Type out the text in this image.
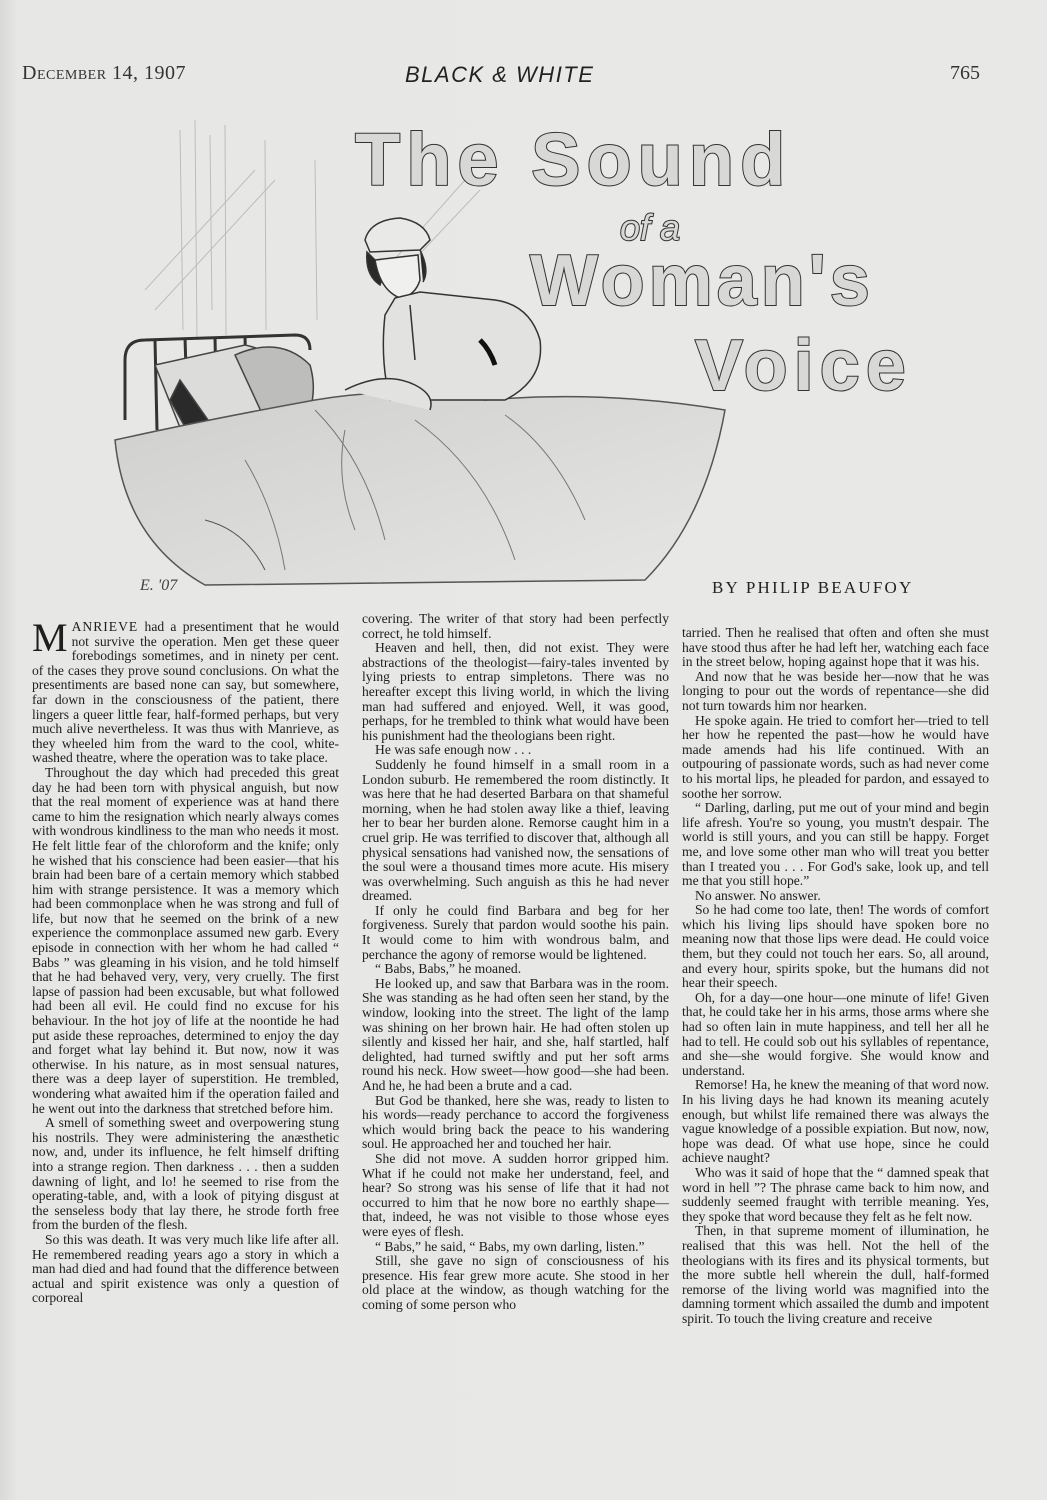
December 14, 1907	BLACK & WHITE	765
E. '07
The Sound
of a
Woman's
Voice
BY PHILIP BEAUFOY

MANRIEVE had a presentiment that he would not survive the operation. Men get these queer forebodings sometimes, and in ninety per cent. of the cases they prove sound conclusions. On what the presentiments are based none can say, but somewhere, far down in the consciousness of the patient, there lingers a queer little fear, half-formed perhaps, but very much alive nevertheless. It was thus with Manrieve, as they wheeled him from the ward to the cool, white-washed theatre, where the operation was to take place.

Throughout the day which had preceded this great day he had been torn with physical anguish, but now that the real moment of experience was at hand there came to him the resignation which nearly always comes with wondrous kindliness to the man who needs it most. He felt little fear of the chloroform and the knife; only he wished that his conscience had been easier—that his brain had been bare of a certain memory which stabbed him with strange persistence. It was a memory which had been commonplace when he was strong and full of life, but now that he seemed on the brink of a new experience the commonplace assumed new garb. Every episode in connection with her whom he had called “ Babs ” was gleaming in his vision, and he told himself that he had behaved very, very, very cruelly. The first lapse of passion had been excusable, but what followed had been all evil. He could find no excuse for his behaviour. In the hot joy of life at the noontide he had put aside these reproaches, determined to enjoy the day and forget what lay behind it. But now, now it was otherwise. In his nature, as in most sensual natures, there was a deep layer of superstition. He trembled, wondering what awaited him if the operation failed and he went out into the darkness that stretched before him.

A smell of something sweet and overpowering stung his nostrils. They were administering the anæsthetic now, and, under its influence, he felt himself drifting into a strange region. Then darkness . . . then a sudden dawning of light, and lo! he seemed to rise from the operating-table, and, with a look of pitying disgust at the senseless body that lay there, he strode forth free from the burden of the flesh.

So this was death. It was very much like life after all. He remembered reading years ago a story in which a man had died and had found that the difference between actual and spirit existence was only a question of corporeal

covering. The writer of that story had been perfectly correct, he told himself.

Heaven and hell, then, did not exist. They were abstractions of the theologist—fairy-tales invented by lying priests to entrap simpletons. There was no hereafter except this living world, in which the living man had suffered and enjoyed. Well, it was good, perhaps, for he trembled to think what would have been his punishment had the theologians been right.

He was safe enough now . . .

Suddenly he found himself in a small room in a London suburb. He remembered the room distinctly. It was here that he had deserted Barbara on that shameful morning, when he had stolen away like a thief, leaving her to bear her burden alone. Remorse caught him in a cruel grip. He was terrified to discover that, although all physical sensations had vanished now, the sensations of the soul were a thousand times more acute. His misery was overwhelming. Such anguish as this he had never dreamed.

If only he could find Barbara and beg for her forgiveness. Surely that pardon would soothe his pain. It would come to him with wondrous balm, and perchance the agony of remorse would be lightened.

“ Babs, Babs,” he moaned.

He looked up, and saw that Barbara was in the room. She was standing as he had often seen her stand, by the window, looking into the street. The light of the lamp was shining on her brown hair. He had often stolen up silently and kissed her hair, and she, half startled, half delighted, had turned swiftly and put her soft arms round his neck. How sweet—how good—she had been. And he, he had been a brute and a cad.

But God be thanked, here she was, ready to listen to his words—ready perchance to accord the forgiveness which would bring back the peace to his wandering soul. He approached her and touched her hair.

She did not move. A sudden horror gripped him. What if he could not make her understand, feel, and hear? So strong was his sense of life that it had not occurred to him that he now bore no earthly shape—that, indeed, he was not visible to those whose eyes were eyes of flesh.

“ Babs,” he said, “ Babs, my own darling, listen.”

Still, she gave no sign of consciousness of his presence. His fear grew more acute. She stood in her old place at the window, as though watching for the coming of some person who

tarried. Then he realised that often and often she must have stood thus after he had left her, watching each face in the street below, hoping against hope that it was his.

And now that he was beside her—now that he was longing to pour out the words of repentance—she did not turn towards him nor hearken.

He spoke again. He tried to comfort her—tried to tell her how he repented the past—how he would have made amends had his life continued. With an outpouring of passionate words, such as had never come to his mortal lips, he pleaded for pardon, and essayed to soothe her sorrow.

“ Darling, darling, put me out of your mind and begin life afresh. You're so young, you mustn't despair. The world is still yours, and you can still be happy. Forget me, and love some other man who will treat you better than I treated you . . . For God's sake, look up, and tell me that you still hope.”

No answer. No answer.

So he had come too late, then! The words of comfort which his living lips should have spoken bore no meaning now that those lips were dead. He could voice them, but they could not touch her ears. So, all around, and every hour, spirits spoke, but the humans did not hear their speech.

Oh, for a day—one hour—one minute of life! Given that, he could take her in his arms, those arms where she had so often lain in mute happiness, and tell her all he had to tell. He could sob out his syllables of repentance, and she—she would forgive. She would know and understand.

Remorse! Ha, he knew the meaning of that word now. In his living days he had known its meaning acutely enough, but whilst life remained there was always the vague knowledge of a possible expiation. But now, now, hope was dead. Of what use hope, since he could achieve naught?

Who was it said of hope that the “ damned speak that word in hell ”? The phrase came back to him now, and suddenly seemed fraught with terrible meaning. Yes, they spoke that word because they felt as he felt now.

Then, in that supreme moment of illumination, he realised that this was hell. Not the hell of the theologians with its fires and its physical torments, but the more subtle hell wherein the dull, half-formed remorse of the living world was magnified into the damning torment which assailed the dumb and impotent spirit. To touch the living creature and receive
